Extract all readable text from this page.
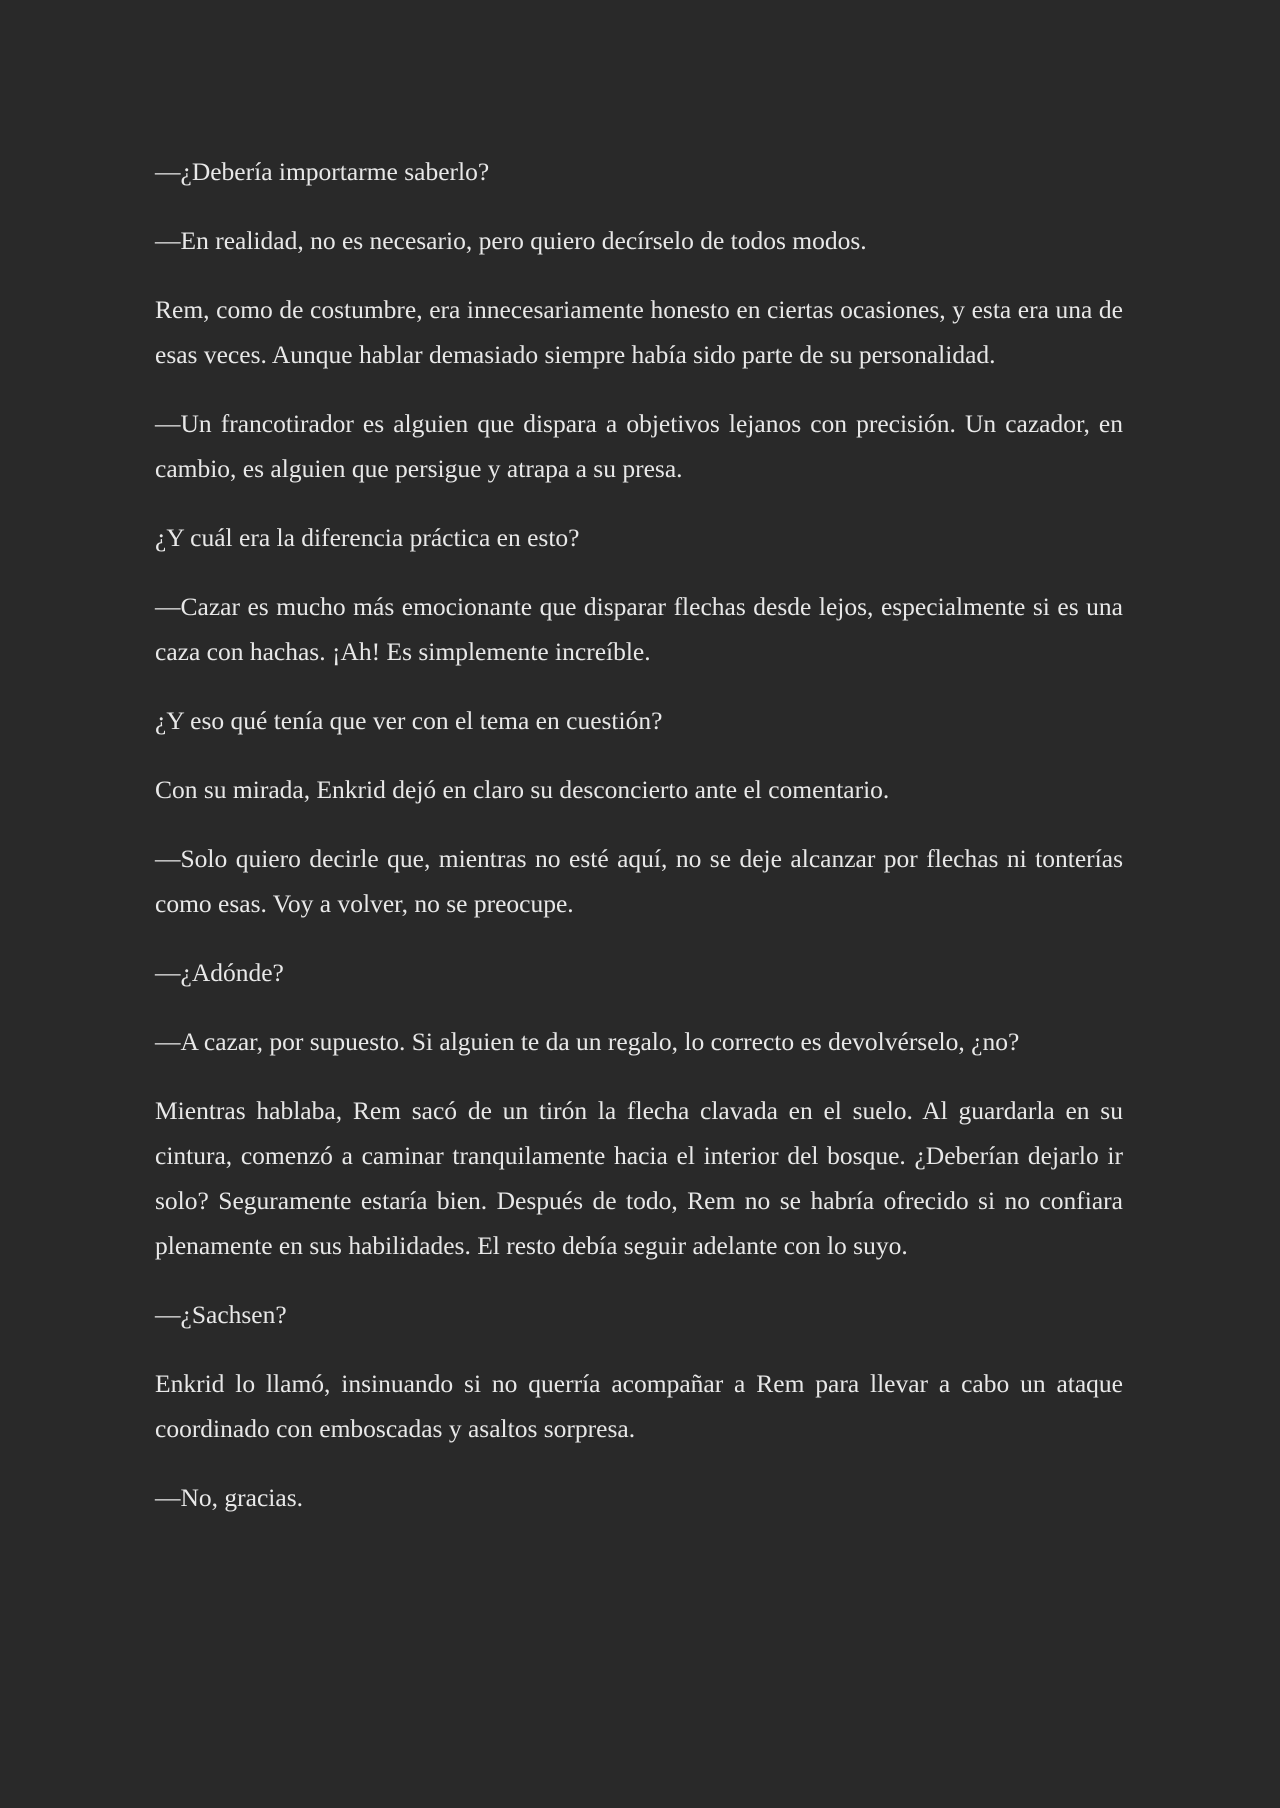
—¿Debería importarme saberlo?

—En realidad, no es necesario, pero quiero decírselo de todos modos.

Rem, como de costumbre, era innecesariamente honesto en ciertas ocasiones, y esta era una de esas veces. Aunque hablar demasiado siempre había sido parte de su personalidad.

—Un francotirador es alguien que dispara a objetivos lejanos con precisión. Un cazador, en cambio, es alguien que persigue y atrapa a su presa.

¿Y cuál era la diferencia práctica en esto?

—Cazar es mucho más emocionante que disparar flechas desde lejos, especialmente si es una caza con hachas. ¡Ah! Es simplemente increíble.

¿Y eso qué tenía que ver con el tema en cuestión?

Con su mirada, Enkrid dejó en claro su desconcierto ante el comentario.

—Solo quiero decirle que, mientras no esté aquí, no se deje alcanzar por flechas ni tonterías como esas. Voy a volver, no se preocupe.

—¿Adónde?

—A cazar, por supuesto. Si alguien te da un regalo, lo correcto es devolvérselo, ¿no?

Mientras hablaba, Rem sacó de un tirón la flecha clavada en el suelo. Al guardarla en su cintura, comenzó a caminar tranquilamente hacia el interior del bosque. ¿Deberían dejarlo ir solo? Seguramente estaría bien. Después de todo, Rem no se habría ofrecido si no confiara plenamente en sus habilidades. El resto debía seguir adelante con lo suyo.

—¿Sachsen?

Enkrid lo llamó, insinuando si no querría acompañar a Rem para llevar a cabo un ataque coordinado con emboscadas y asaltos sorpresa.

—No, gracias.
